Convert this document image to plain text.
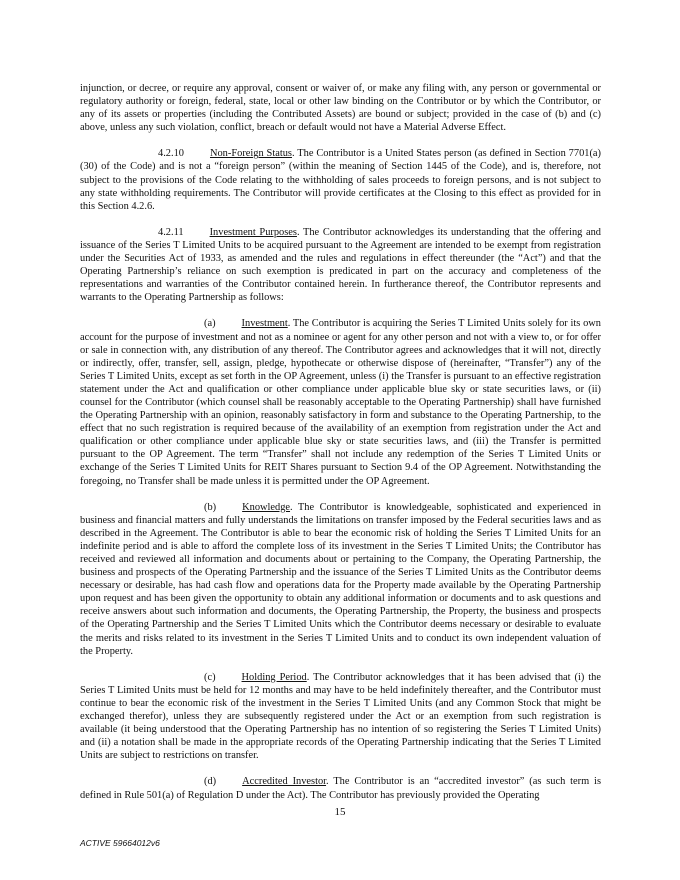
injunction, or decree, or require any approval, consent or waiver of, or make any filing with, any person or governmental or regulatory authority or foreign, federal, state, local or other law binding on the Contributor or by which the Contributor, or any of its assets or properties (including the Contributed Assets) are bound or subject; provided in the case of (b) and (c) above, unless any such violation, conflict, breach or default would not have a Material Adverse Effect.

4.2.10	Non-Foreign Status. The Contributor is a United States person (as defined in Section 7701(a)(30) of the Code) and is not a “foreign person” (within the meaning of Section 1445 of the Code), and is, therefore, not subject to the provisions of the Code relating to the withholding of sales proceeds to foreign persons, and is not subject to any state withholding requirements. The Contributor will provide certificates at the Closing to this effect as provided for in this Section 4.2.6.

4.2.11	Investment Purposes. The Contributor acknowledges its understanding that the offering and issuance of the Series T Limited Units to be acquired pursuant to the Agreement are intended to be exempt from registration under the Securities Act of 1933, as amended and the rules and regulations in effect thereunder (the “Act”) and that the Operating Partnership’s reliance on such exemption is predicated in part on the accuracy and completeness of the representations and warranties of the Contributor contained herein. In furtherance thereof, the Contributor represents and warrants to the Operating Partnership as follows:

(a)	Investment. The Contributor is acquiring the Series T Limited Units solely for its own account for the purpose of investment and not as a nominee or agent for any other person and not with a view to, or for offer or sale in connection with, any distribution of any thereof. The Contributor agrees and acknowledges that it will not, directly or indirectly, offer, transfer, sell, assign, pledge, hypothecate or otherwise dispose of (hereinafter, “Transfer”) any of the Series T Limited Units, except as set forth in the OP Agreement, unless (i) the Transfer is pursuant to an effective registration statement under the Act and qualification or other compliance under applicable blue sky or state securities laws, or (ii) counsel for the Contributor (which counsel shall be reasonably acceptable to the Operating Partnership) shall have furnished the Operating Partnership with an opinion, reasonably satisfactory in form and substance to the Operating Partnership, to the effect that no such registration is required because of the availability of an exemption from registration under the Act and qualification or other compliance under applicable blue sky or state securities laws, and (iii) the Transfer is permitted pursuant to the OP Agreement. The term “Transfer” shall not include any redemption of the Series T Limited Units or exchange of the Series T Limited Units for REIT Shares pursuant to Section 9.4 of the OP Agreement. Notwithstanding the foregoing, no Transfer shall be made unless it is permitted under the OP Agreement.

(b)	Knowledge. The Contributor is knowledgeable, sophisticated and experienced in business and financial matters and fully understands the limitations on transfer imposed by the Federal securities laws and as described in the Agreement. The Contributor is able to bear the economic risk of holding the Series T Limited Units for an indefinite period and is able to afford the complete loss of its investment in the Series T Limited Units; the Contributor has received and reviewed all information and documents about or pertaining to the Company, the Operating Partnership, the business and prospects of the Operating Partnership and the issuance of the Series T Limited Units as the Contributor deems necessary or desirable, has had cash flow and operations data for the Property made available by the Operating Partnership upon request and has been given the opportunity to obtain any additional information or documents and to ask questions and receive answers about such information and documents, the Operating Partnership, the Property, the business and prospects of the Operating Partnership and the Series T Limited Units which the Contributor deems necessary or desirable to evaluate the merits and risks related to its investment in the Series T Limited Units and to conduct its own independent valuation of the Property.

(c)	Holding Period. The Contributor acknowledges that it has been advised that (i) the Series T Limited Units must be held for 12 months and may have to be held indefinitely thereafter, and the Contributor must continue to bear the economic risk of the investment in the Series T Limited Units (and any Common Stock that might be exchanged therefor), unless they are subsequently registered under the Act or an exemption from such registration is available (it being understood that the Operating Partnership has no intention of so registering the Series T Limited Units) and (ii) a notation shall be made in the appropriate records of the Operating Partnership indicating that the Series T Limited Units are subject to restrictions on transfer.

(d)	Accredited Investor. The Contributor is an “accredited investor” (as such term is defined in Rule 501(a) of Regulation D under the Act). The Contributor has previously provided the Operating

15
ACTIVE 59664012v6
